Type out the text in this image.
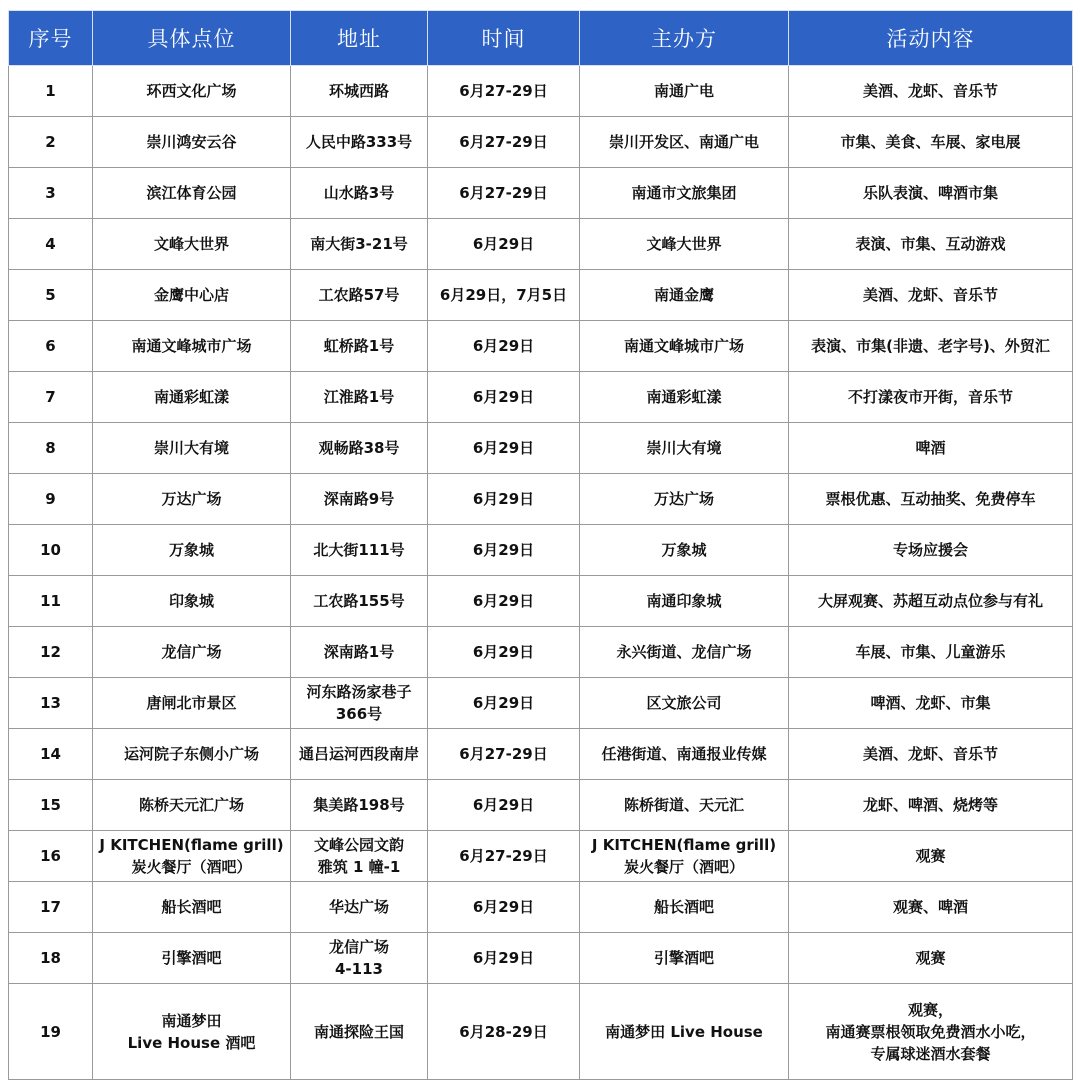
序号	具体点位	地址	时间	主办方	活动内容
1	环西文化广场	环城西路	6月27-29日	南通广电	美酒、龙虾、音乐节
2	崇川鸿安云谷	人民中路333号	6月27-29日	崇川开发区、南通广电	市集、美食、车展、家电展
3	滨江体育公园	山水路3号	6月27-29日	南通市文旅集团	乐队表演、啤酒市集
4	文峰大世界	南大街3-21号	6月29日	文峰大世界	表演、市集、互动游戏
5	金鹰中心店	工农路57号	6月29日，7月5日	南通金鹰	美酒、龙虾、音乐节
6	南通文峰城市广场	虹桥路1号	6月29日	南通文峰城市广场	表演、市集(非遗、老字号)、外贸汇
7	南通彩虹漾	江淮路1号	6月29日	南通彩虹漾	不打漾夜市开街，音乐节
8	崇川大有境	观畅路38号	6月29日	崇川大有境	啤酒
9	万达广场	深南路9号	6月29日	万达广场	票根优惠、互动抽奖、免费停车
10	万象城	北大街111号	6月29日	万象城	专场应援会
11	印象城	工农路155号	6月29日	南通印象城	大屏观赛、苏超互动点位参与有礼
12	龙信广场	深南路1号	6月29日	永兴街道、龙信广场	车展、市集、儿童游乐
13	唐闸北市景区	河东路汤家巷子
366号	6月29日	区文旅公司	啤酒、龙虾、市集
14	运河院子东侧小广场	通吕运河西段南岸	6月27-29日	任港街道、南通报业传媒	美酒、龙虾、音乐节
15	陈桥天元汇广场	集美路198号	6月29日	陈桥街道、天元汇	龙虾、啤酒、烧烤等
16	J KITCHEN(flame grill)
炭火餐厅（酒吧）	文峰公园文韵
雅筑 1 幢-1	6月27-29日	J KITCHEN(flame grill)
炭火餐厅（酒吧）	观赛
17	船长酒吧	华达广场	6月29日	船长酒吧	观赛、啤酒
18	引擎酒吧	龙信广场
4-113	6月29日	引擎酒吧	观赛
19	南通梦田
Live House 酒吧	南通探险王国	6月28-29日	南通梦田 Live House	观赛，
南通赛票根领取免费酒水小吃，
专属球迷酒水套餐
